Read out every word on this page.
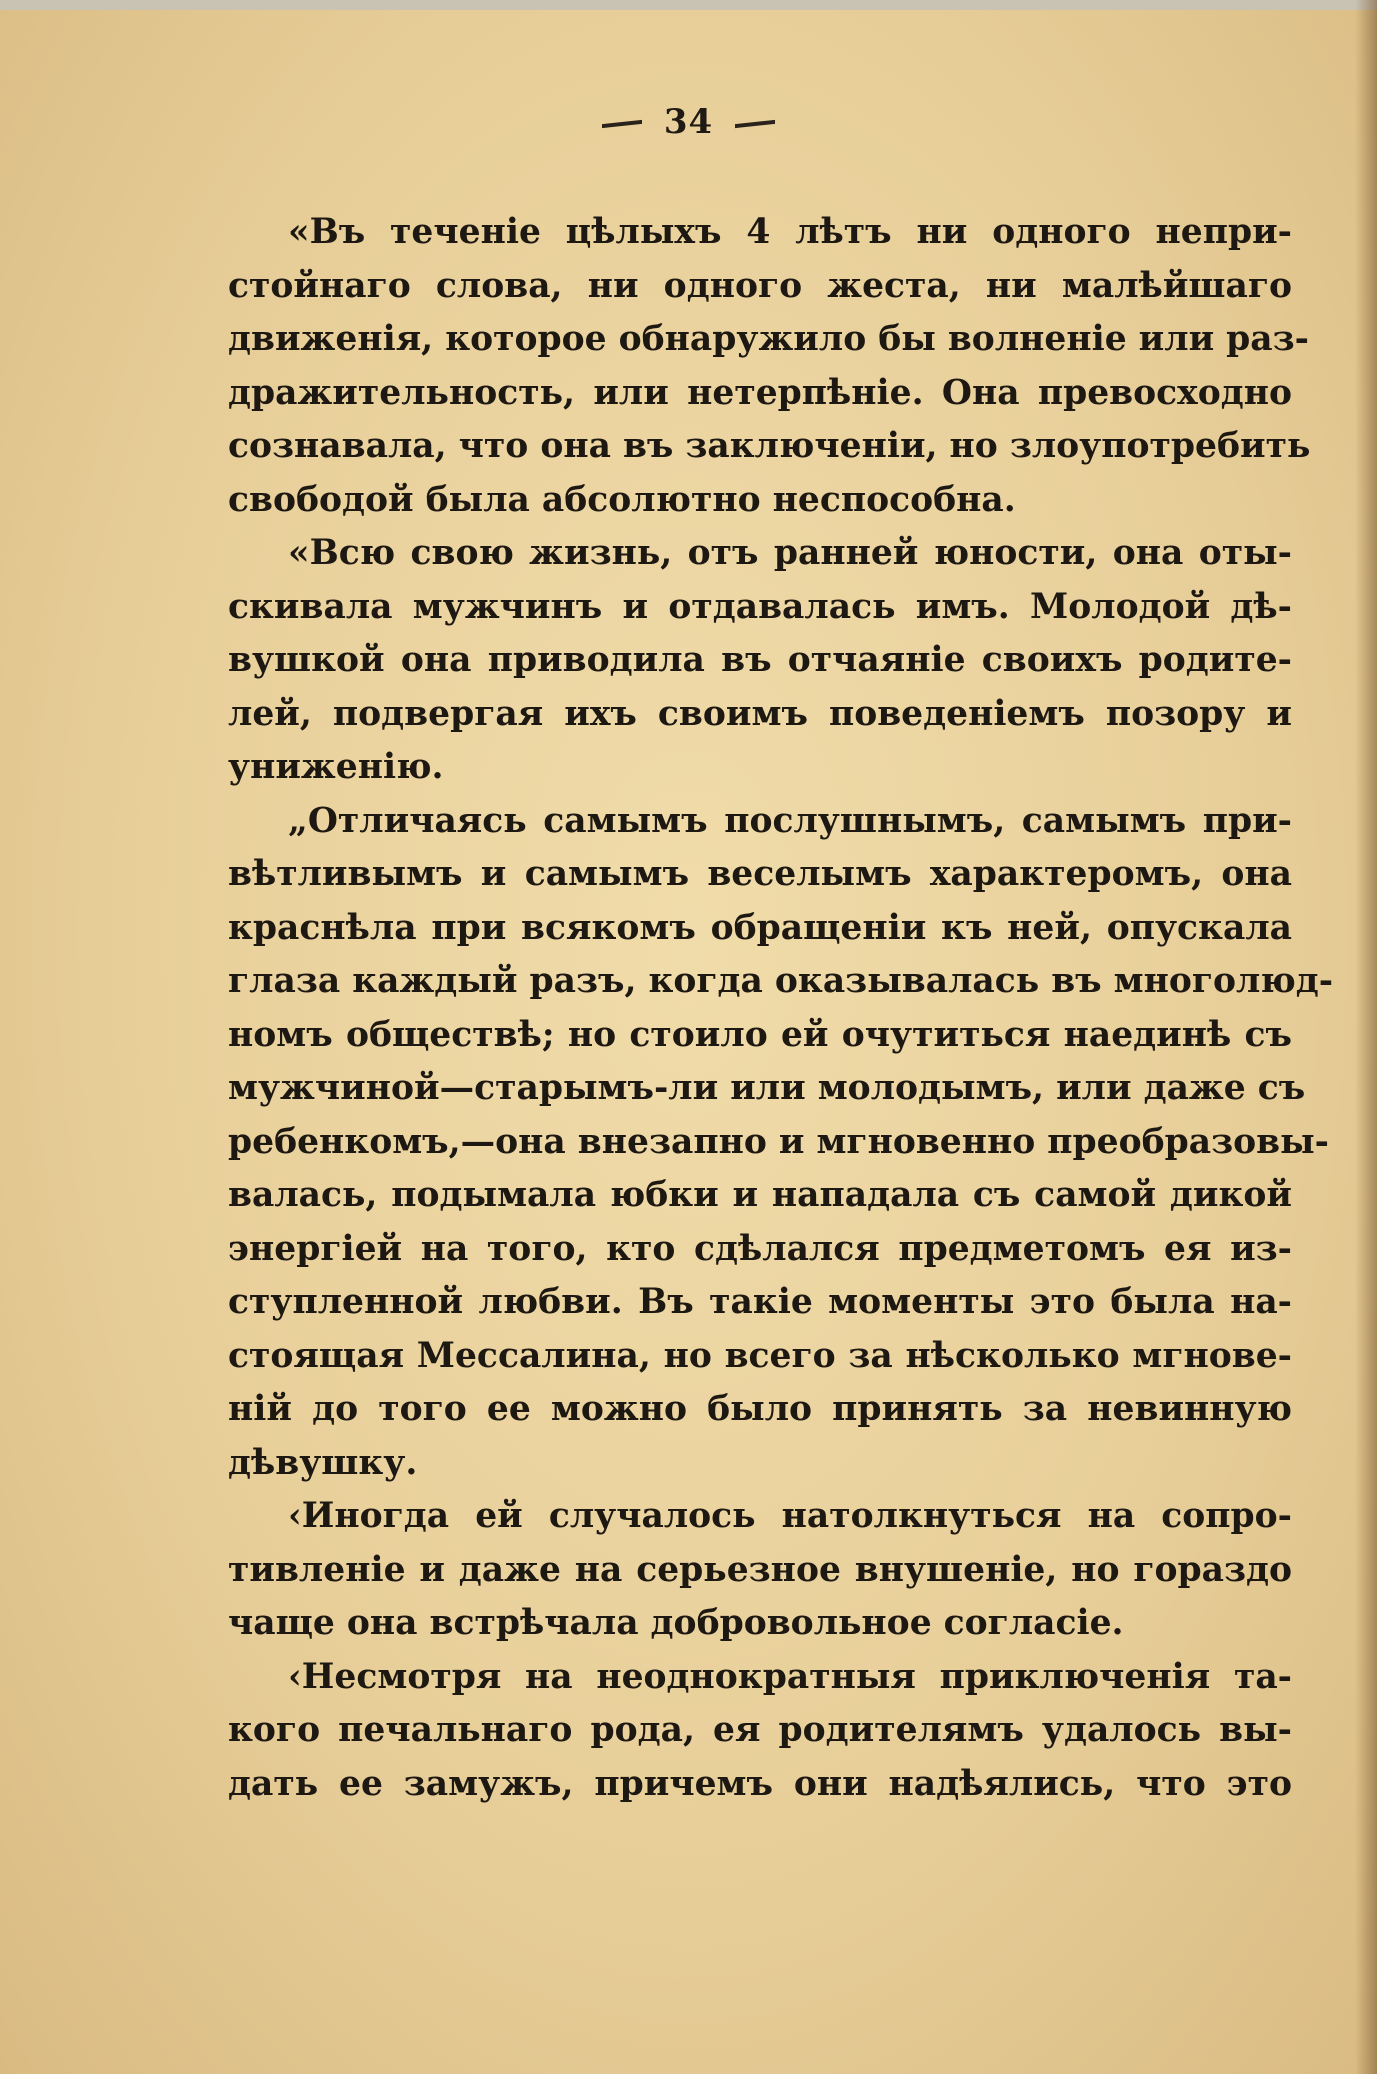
34
«Въ теченіе цѣлыхъ 4 лѣтъ ни одного непри-
стойнаго слова, ни одного жеста, ни малѣйшаго
движенія, которое обнаружило бы волненіе или раз-
дражительность, или нетерпѣніе. Она превосходно
сознавала, что она въ заключеніи, но злоупотребить
свободой была абсолютно неспособна.
«Всю свою жизнь, отъ ранней юности, она оты-
скивала мужчинъ и отдавалась имъ. Молодой дѣ-
вушкой она приводила въ отчаяніе своихъ родите-
лей, подвергая ихъ своимъ поведеніемъ позору и
униженію.
„Отличаясь самымъ послушнымъ, самымъ при-
вѣтливымъ и самымъ веселымъ характеромъ, она
краснѣла при всякомъ обращеніи къ ней, опускала
глаза каждый разъ, когда оказывалась въ многолюд-
номъ обществѣ; но стоило ей очутиться наединѣ съ
мужчиной—старымъ-ли или молодымъ, или даже съ
ребенкомъ,—она внезапно и мгновенно преобразовы-
валась, подымала юбки и нападала съ самой дикой
энергіей на того, кто сдѣлался предметомъ ея из-
ступленной любви. Въ такіе моменты это была на-
стоящая Мессалина, но всего за нѣсколько мгнове-
ній до того ее можно было принять за невинную
дѣвушку.
‹Иногда ей случалось натолкнуться на сопро-
тивленіе и даже на серьезное внушеніе, но гораздо
чаще она встрѣчала добровольное согласіе.
‹Несмотря на неоднократныя приключенія та-
кого печальнаго рода, ея родителямъ удалось вы-
дать ее замужъ, причемъ они надѣялись, что это
